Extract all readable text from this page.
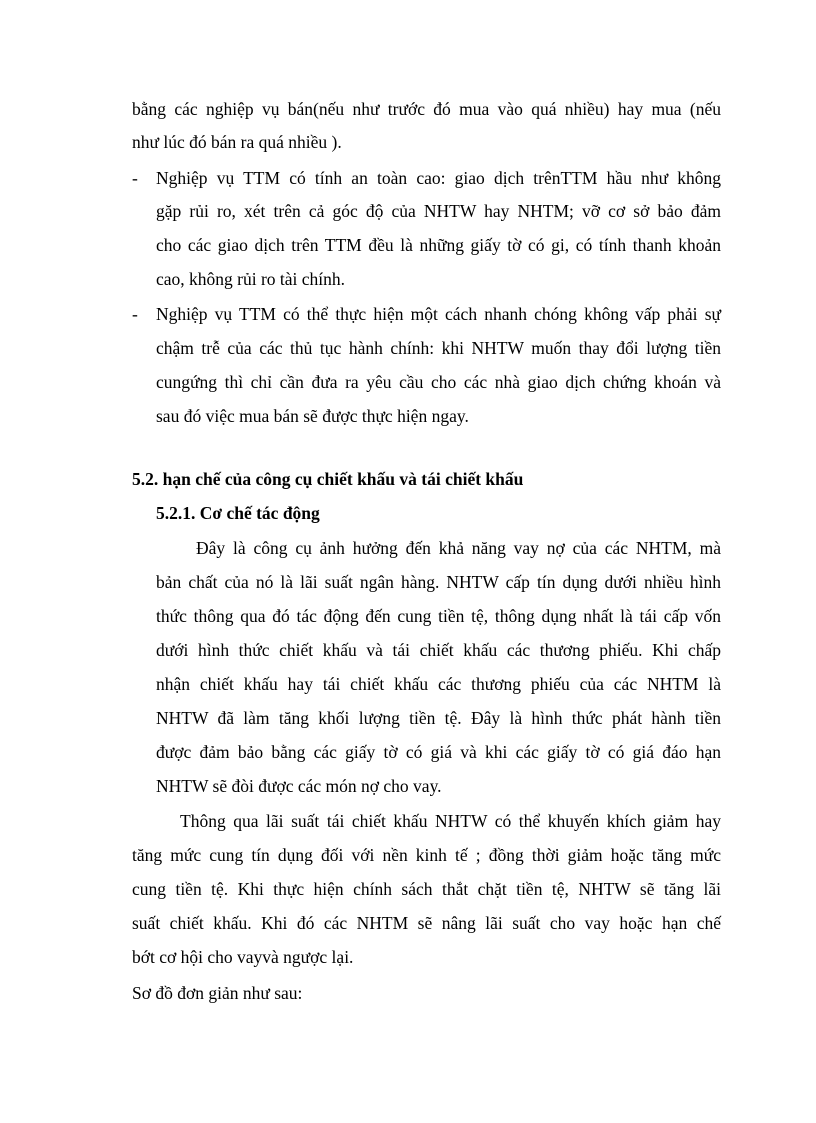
bằng các nghiệp vụ bán(nếu như trước đó mua vào quá nhiều) hay mua (nếu
như lúc đó bán ra quá nhiều ).
- Nghiệp vụ TTM có tính an toàn cao: giao dịch trênTTM hầu như không
gặp rủi ro, xét trên cả góc độ của NHTW hay NHTM; vỡ cơ sở bảo đảm
cho các giao dịch trên TTM đều là những giấy tờ có gi, có tính thanh khoản
cao, không rủi ro tài chính.
- Nghiệp vụ TTM có thể thực hiện một cách nhanh chóng không vấp phải sự
chậm trễ của các thủ tục hành chính: khi NHTW muốn thay đổi lượng tiền
cungứng thì chỉ cần đưa ra yêu cầu cho các nhà giao dịch chứng khoán và
sau đó việc mua bán sẽ được thực hiện ngay.
5.2. hạn chế của công cụ chiết khấu và tái chiết khấu
5.2.1. Cơ chế tác động
Đây là công cụ ảnh hưởng đến khả năng vay nợ của các NHTM, mà
bản chất của nó là lãi suất ngân hàng. NHTW cấp tín dụng dưới nhiều hình
thức thông qua đó tác động đến cung tiền tệ, thông dụng nhất là tái cấp vốn
dưới hình thức chiết khấu và tái chiết khấu các thương phiếu. Khi chấp
nhận chiết khấu hay tái chiết khấu các thương phiếu của các NHTM là
NHTW đã làm tăng khối lượng tiền tệ. Đây là hình thức phát hành tiền
được đảm bảo bằng các giấy tờ có giá và khi các giấy tờ có giá đáo hạn
NHTW sẽ đòi được các món nợ cho vay.
Thông qua lãi suất tái chiết khấu NHTW có thể khuyến khích giảm hay
tăng mức cung tín dụng đối với nền kinh tế ; đồng thời giảm hoặc tăng mức
cung tiền tệ. Khi thực hiện chính sách thắt chặt tiền tệ, NHTW sẽ tăng lãi
suất chiết khấu. Khi đó các NHTM sẽ nâng lãi suất cho vay hoặc hạn chế
bớt cơ hội cho vayvà ngược lại.
Sơ đồ đơn giản như sau:
